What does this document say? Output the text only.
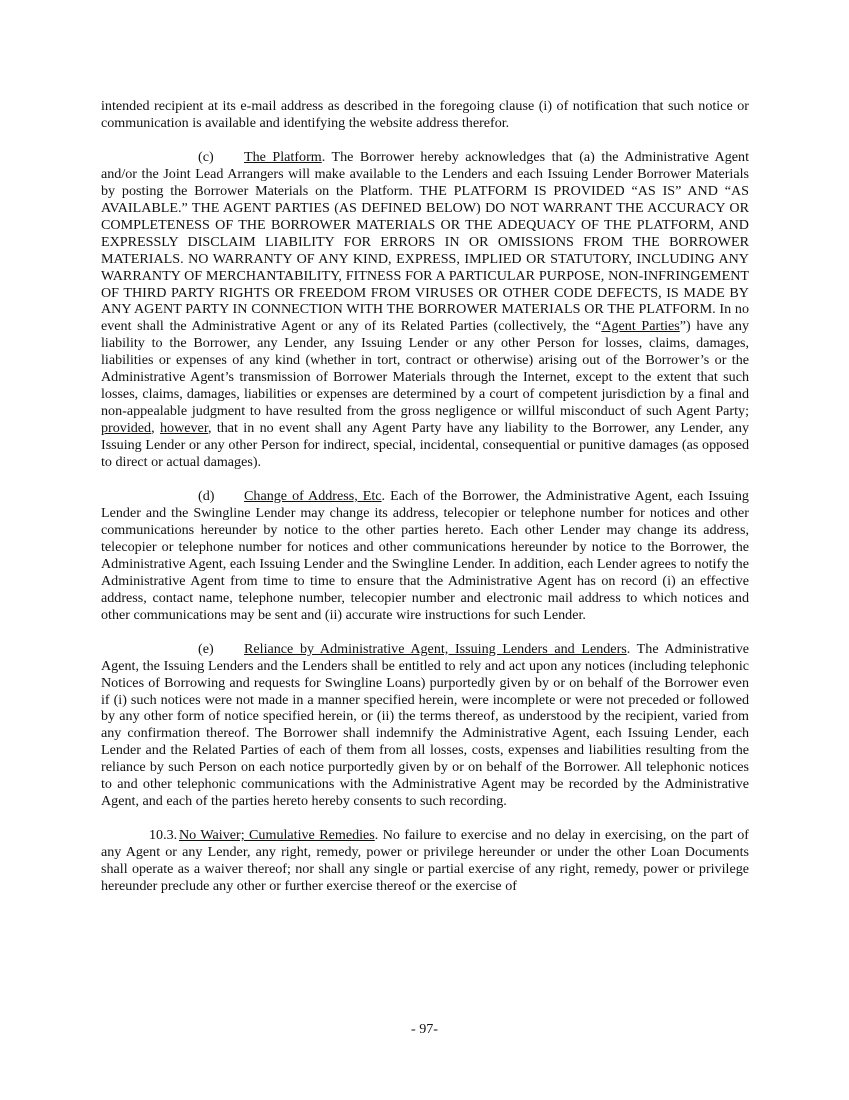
intended recipient at its e-mail address as described in the foregoing clause (i) of notification that such notice or communication is available and identifying the website address therefor.

(c) The Platform. The Borrower hereby acknowledges that (a) the Administrative Agent and/or the Joint Lead Arrangers will make available to the Lenders and each Issuing Lender Borrower Materials by posting the Borrower Materials on the Platform. THE PLATFORM IS PROVIDED “AS IS” AND “AS AVAILABLE.” THE AGENT PARTIES (AS DEFINED BELOW) DO NOT WARRANT THE ACCURACY OR COMPLETENESS OF THE BORROWER MATERIALS OR THE ADEQUACY OF THE PLATFORM, AND EXPRESSLY DISCLAIM LIABILITY FOR ERRORS IN OR OMISSIONS FROM THE BORROWER MATERIALS. NO WARRANTY OF ANY KIND, EXPRESS, IMPLIED OR STATUTORY, INCLUDING ANY WARRANTY OF MERCHANTABILITY, FITNESS FOR A PARTICULAR PURPOSE, NON-INFRINGEMENT OF THIRD PARTY RIGHTS OR FREEDOM FROM VIRUSES OR OTHER CODE DEFECTS, IS MADE BY ANY AGENT PARTY IN CONNECTION WITH THE BORROWER MATERIALS OR THE PLATFORM. In no event shall the Administrative Agent or any of its Related Parties (collectively, the “Agent Parties”) have any liability to the Borrower, any Lender, any Issuing Lender or any other Person for losses, claims, damages, liabilities or expenses of any kind (whether in tort, contract or otherwise) arising out of the Borrower’s or the Administrative Agent’s transmission of Borrower Materials through the Internet, except to the extent that such losses, claims, damages, liabilities or expenses are determined by a court of competent jurisdiction by a final and non-appealable judgment to have resulted from the gross negligence or willful misconduct of such Agent Party; provided, however, that in no event shall any Agent Party have any liability to the Borrower, any Lender, any Issuing Lender or any other Person for indirect, special, incidental, consequential or punitive damages (as opposed to direct or actual damages).

(d) Change of Address, Etc. Each of the Borrower, the Administrative Agent, each Issuing Lender and the Swingline Lender may change its address, telecopier or telephone number for notices and other communications hereunder by notice to the other parties hereto. Each other Lender may change its address, telecopier or telephone number for notices and other communications hereunder by notice to the Borrower, the Administrative Agent, each Issuing Lender and the Swingline Lender. In addition, each Lender agrees to notify the Administrative Agent from time to time to ensure that the Administrative Agent has on record (i) an effective address, contact name, telephone number, telecopier number and electronic mail address to which notices and other communications may be sent and (ii) accurate wire instructions for such Lender.

(e) Reliance by Administrative Agent, Issuing Lenders and Lenders. The Administrative Agent, the Issuing Lenders and the Lenders shall be entitled to rely and act upon any notices (including telephonic Notices of Borrowing and requests for Swingline Loans) purportedly given by or on behalf of the Borrower even if (i) such notices were not made in a manner specified herein, were incomplete or were not preceded or followed by any other form of notice specified herein, or (ii) the terms thereof, as understood by the recipient, varied from any confirmation thereof. The Borrower shall indemnify the Administrative Agent, each Issuing Lender, each Lender and the Related Parties of each of them from all losses, costs, expenses and liabilities resulting from the reliance by such Person on each notice purportedly given by or on behalf of the Borrower. All telephonic notices to and other telephonic communications with the Administrative Agent may be recorded by the Administrative Agent, and each of the parties hereto hereby consents to such recording.

10.3. No Waiver; Cumulative Remedies. No failure to exercise and no delay in exercising, on the part of any Agent or any Lender, any right, remedy, power or privilege hereunder or under the other Loan Documents shall operate as a waiver thereof; nor shall any single or partial exercise of any right, remedy, power or privilege hereunder preclude any other or further exercise thereof or the exercise of

- 97-
